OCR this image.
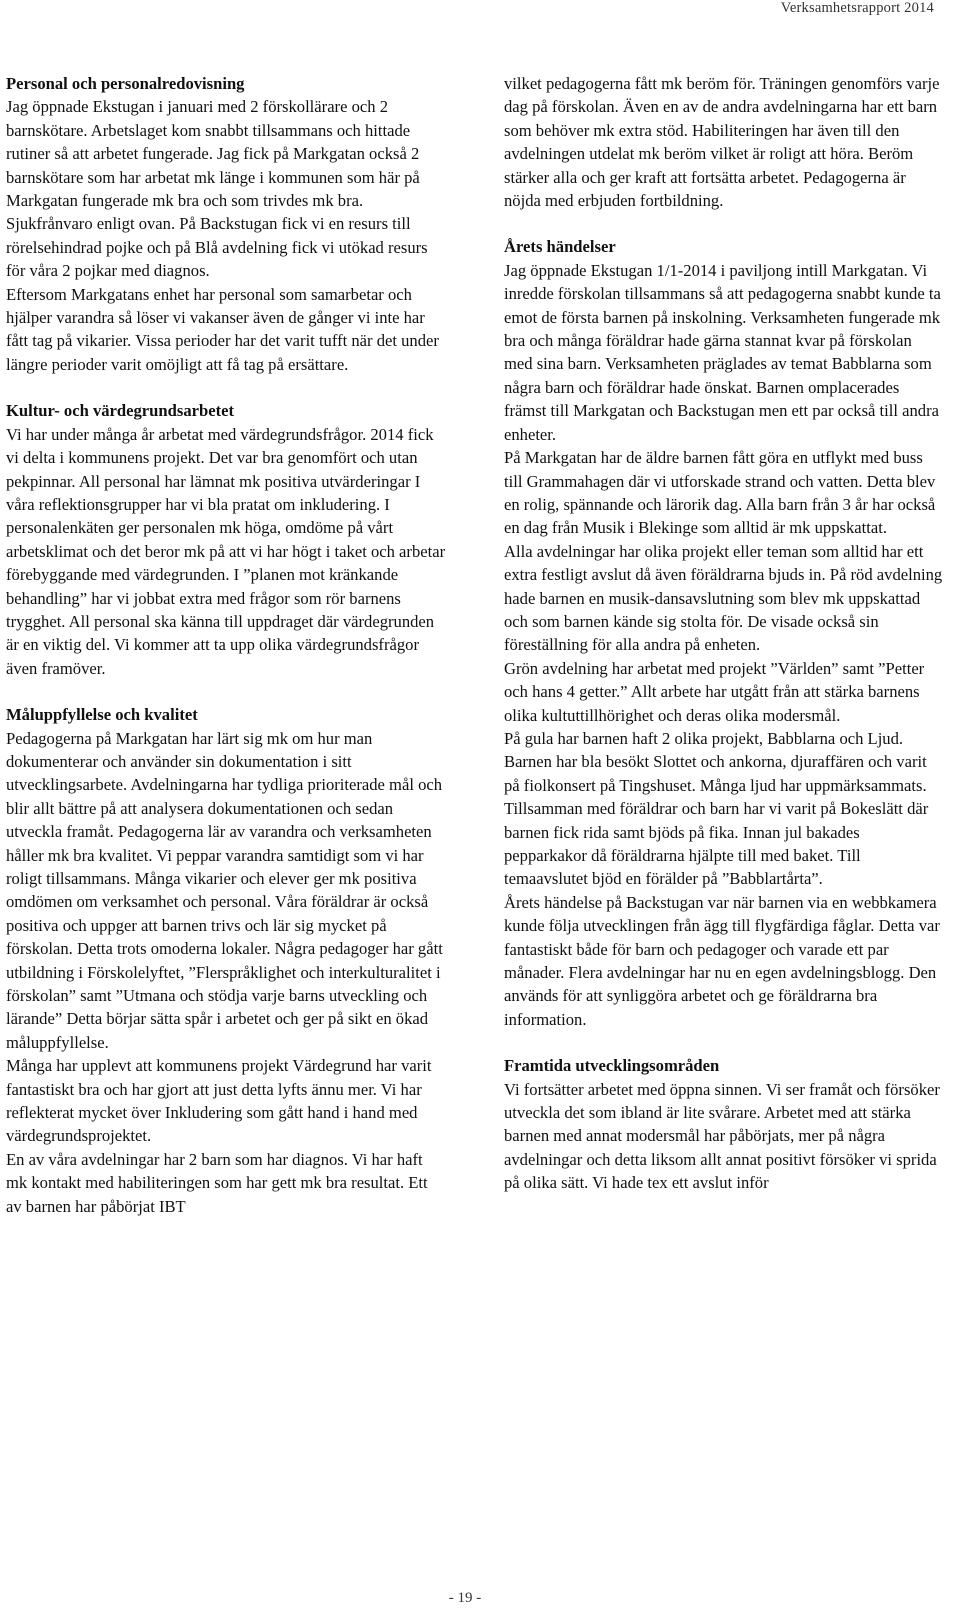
Verksamhetsrapport 2014

Personal och personalredovisning

Jag öppnade Ekstugan i januari med 2 förskollärare och 2 barnskötare. Arbetslaget kom snabbt tillsammans och hittade rutiner så att arbetet fungerade. Jag fick på Markgatan också 2 barnskötare som har arbetat mk länge i kommunen som här på Markgatan fungerade mk bra och som trivdes mk bra. Sjukfrånvaro enligt ovan. På Backstugan fick vi en resurs till rörelsehindrad pojke och på Blå avdelning fick vi utökad resurs för våra 2 pojkar med diagnos.

Eftersom Markgatans enhet har personal som samarbetar och hjälper varandra så löser vi vakanser även de gånger vi inte har fått tag på vikarier. Vissa perioder har det varit tufft när det under längre perioder varit omöjligt att få tag på ersättare.

Kultur- och värdegrundsarbetet

Vi har under många år arbetat med värdegrundsfrågor. 2014 fick vi delta i kommunens projekt. Det var bra genomfört och utan pekpinnar. All personal har lämnat mk positiva utvärderingar I våra reflektionsgrupper har vi bla pratat om inkludering. I personalenkäten ger personalen mk höga, omdöme på vårt arbetsklimat och det beror mk på att vi har högt i taket och arbetar förebyggande med värdegrunden. I ”planen mot kränkande behandling” har vi jobbat extra med frågor som rör barnens trygghet. All personal ska känna till uppdraget där värdegrunden är en viktig del. Vi kommer att ta upp olika värdegrundsfrågor även framöver.

Måluppfyllelse och kvalitet

Pedagogerna på Markgatan har lärt sig mk om hur man dokumenterar och använder sin dokumentation i sitt utvecklingsarbete. Avdelningarna har tydliga prioriterade mål och blir allt bättre på att analysera dokumentationen och sedan utveckla framåt. Pedagogerna lär av varandra och verksamheten håller mk bra kvalitet. Vi peppar varandra samtidigt som vi har roligt tillsammans. Många vikarier och elever ger mk positiva omdömen om verksamhet och personal. Våra föräldrar är också positiva och uppger att barnen trivs och lär sig mycket på förskolan. Detta trots omoderna lokaler. Några pedagoger har gått utbildning i Förskolelyftet, ”Flerspråklighet och interkulturalitet i förskolan” samt ”Utmana och stödja varje barns utveckling och lärande” Detta börjar sätta spår i arbetet och ger på sikt en ökad måluppfyllelse.

Många har upplevt att kommunens projekt Värdegrund har varit fantastiskt bra och har gjort att just detta lyfts ännu mer. Vi har reflekterat mycket över Inkludering som gått hand i hand med värdegrundsprojektet.

En av våra avdelningar har 2 barn som har diagnos. Vi har haft mk kontakt med habiliteringen som har gett mk bra resultat. Ett av barnen har påbörjat IBT

vilket pedagogerna fått mk beröm för. Träningen genomförs varje dag på förskolan. Även en av de andra avdelningarna har ett barn som behöver mk extra stöd. Habiliteringen har även till den avdelningen utdelat mk beröm vilket är roligt att höra. Beröm stärker alla och ger kraft att fortsätta arbetet. Pedagogerna är nöjda med erbjuden fortbildning.

Årets händelser

Jag öppnade Ekstugan 1/1-2014 i paviljong intill Markgatan. Vi inredde förskolan tillsammans så att pedagogerna snabbt kunde ta emot de första barnen på inskolning. Verksamheten fungerade mk bra och många föräldrar hade gärna stannat kvar på förskolan med sina barn. Verksamheten präglades av temat Babblarna som några barn och föräldrar hade önskat. Barnen omplacerades främst till Markgatan och Backstugan men ett par också till andra enheter.

På Markgatan har de äldre barnen fått göra en utflykt med buss till Grammahagen där vi utforskade strand och vatten. Detta blev en rolig, spännande och lärorik dag. Alla barn från 3 år har också en dag från Musik i Blekinge som alltid är mk uppskattat.

Alla avdelningar har olika projekt eller teman som alltid har ett extra festligt avslut då även föräldrarna bjuds in. På röd avdelning hade barnen en musik-dansavslutning som blev mk uppskattad och som barnen kände sig stolta för. De visade också sin föreställning för alla andra på enheten.

Grön avdelning har arbetat med projekt ”Världen” samt ”Petter och hans 4 getter.” Allt arbete har utgått från att stärka barnens olika kultuttillhörighet och deras olika modersmål.

På gula har barnen haft 2 olika projekt, Babblarna och Ljud. Barnen har bla besökt Slottet och ankorna, djuraffären och varit på fiolkonsert på Tingshuset. Många ljud har uppmärksammats. Tillsamman med föräldrar och barn har vi varit på Bokeslätt där barnen fick rida samt bjöds på fika. Innan jul bakades pepparkakor då föräldrarna hjälpte till med baket. Till temaavslutet bjöd en förälder på ”Babblartårta”.

Årets händelse på Backstugan var när barnen via en webbkamera kunde följa utvecklingen från ägg till flygfärdiga fåglar. Detta var fantastiskt både för barn och pedagoger och varade ett par månader. Flera avdelningar har nu en egen avdelningsblogg. Den används för att synliggöra arbetet och ge föräldrarna bra information.

Framtida utvecklingsområden

Vi fortsätter arbetet med öppna sinnen. Vi ser framåt och försöker utveckla det som ibland är lite svårare. Arbetet med att stärka barnen med annat modersmål har påbörjats, mer på några avdelningar och detta liksom allt annat positivt försöker vi sprida på olika sätt. Vi hade tex ett avslut inför

- 19 -
